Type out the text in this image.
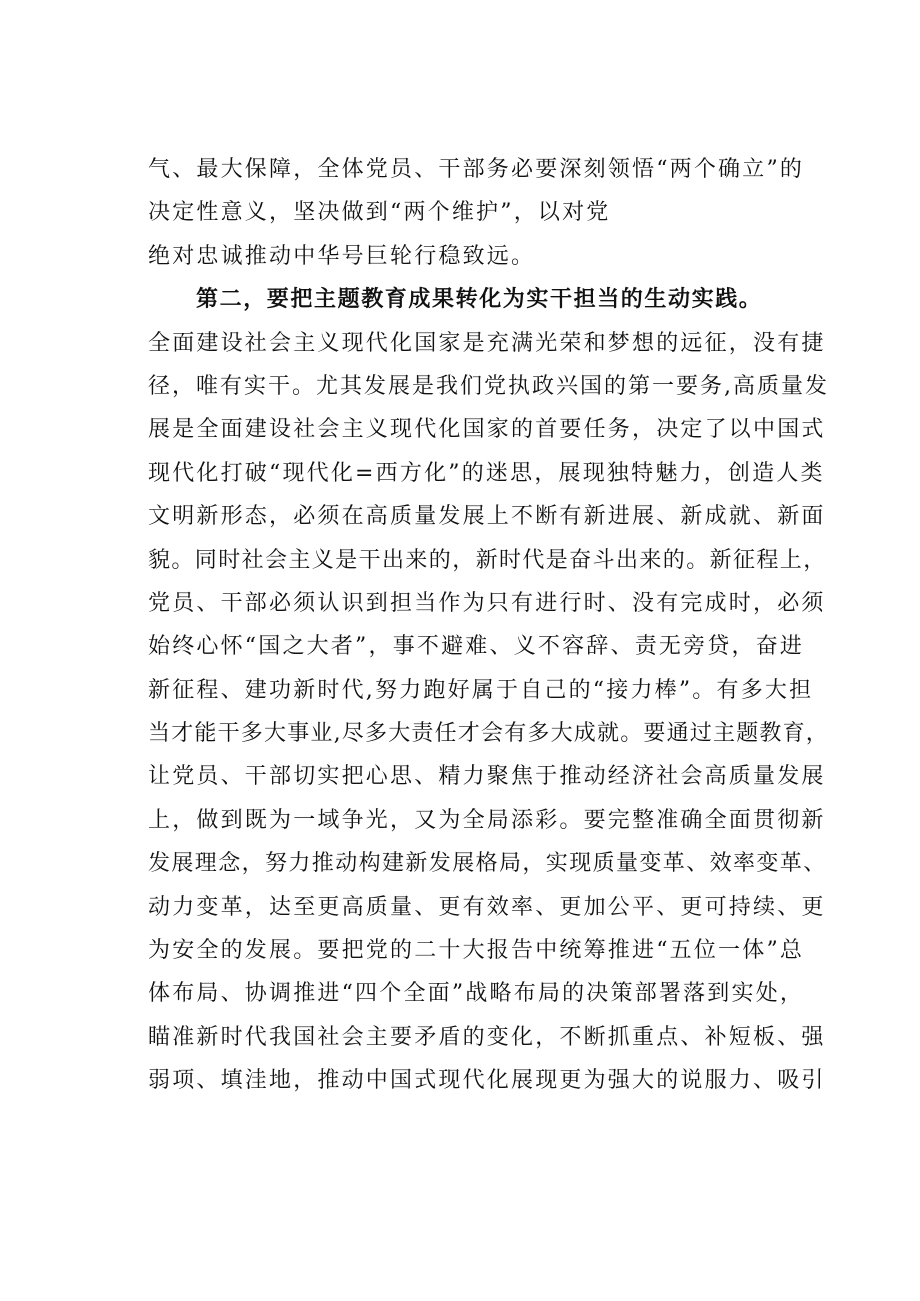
气、最大保障，全体党员、干部务必要深刻领悟“两个确立”的
决定性意义，坚决做到“两个维护”，以对党
绝对忠诚推动中华号巨轮行稳致远。
第二，要把主题教育成果转化为实干担当的生动实践。
全面建设社会主义现代化国家是充满光荣和梦想的远征，没有捷
径，唯有实干。尤其发展是我们党执政兴国的第一要务,高质量发
展是全面建设社会主义现代化国家的首要任务，决定了以中国式
现代化打破“现代化=西方化”的迷思，展现独特魅力，创造人类
文明新形态，必须在高质量发展上不断有新进展、新成就、新面
貌。同时社会主义是干出来的，新时代是奋斗出来的。新征程上，
党员、干部必须认识到担当作为只有进行时、没有完成时，必须
始终心怀“国之大者”，事不避难、义不容辞、责无旁贷，奋进
新征程、建功新时代,努力跑好属于自己的“接力棒”。有多大担
当才能干多大事业,尽多大责任才会有多大成就。要通过主题教育，
让党员、干部切实把心思、精力聚焦于推动经济社会高质量发展
上，做到既为一域争光，又为全局添彩。要完整准确全面贯彻新
发展理念，努力推动构建新发展格局，实现质量变革、效率变革、
动力变革，达至更高质量、更有效率、更加公平、更可持续、更
为安全的发展。要把党的二十大报告中统筹推进“五位一体”总
体布局、协调推进“四个全面”战略布局的决策部署落到实处，
瞄准新时代我国社会主要矛盾的变化，不断抓重点、补短板、强
弱项、填洼地，推动中国式现代化展现更为强大的说服力、吸引
